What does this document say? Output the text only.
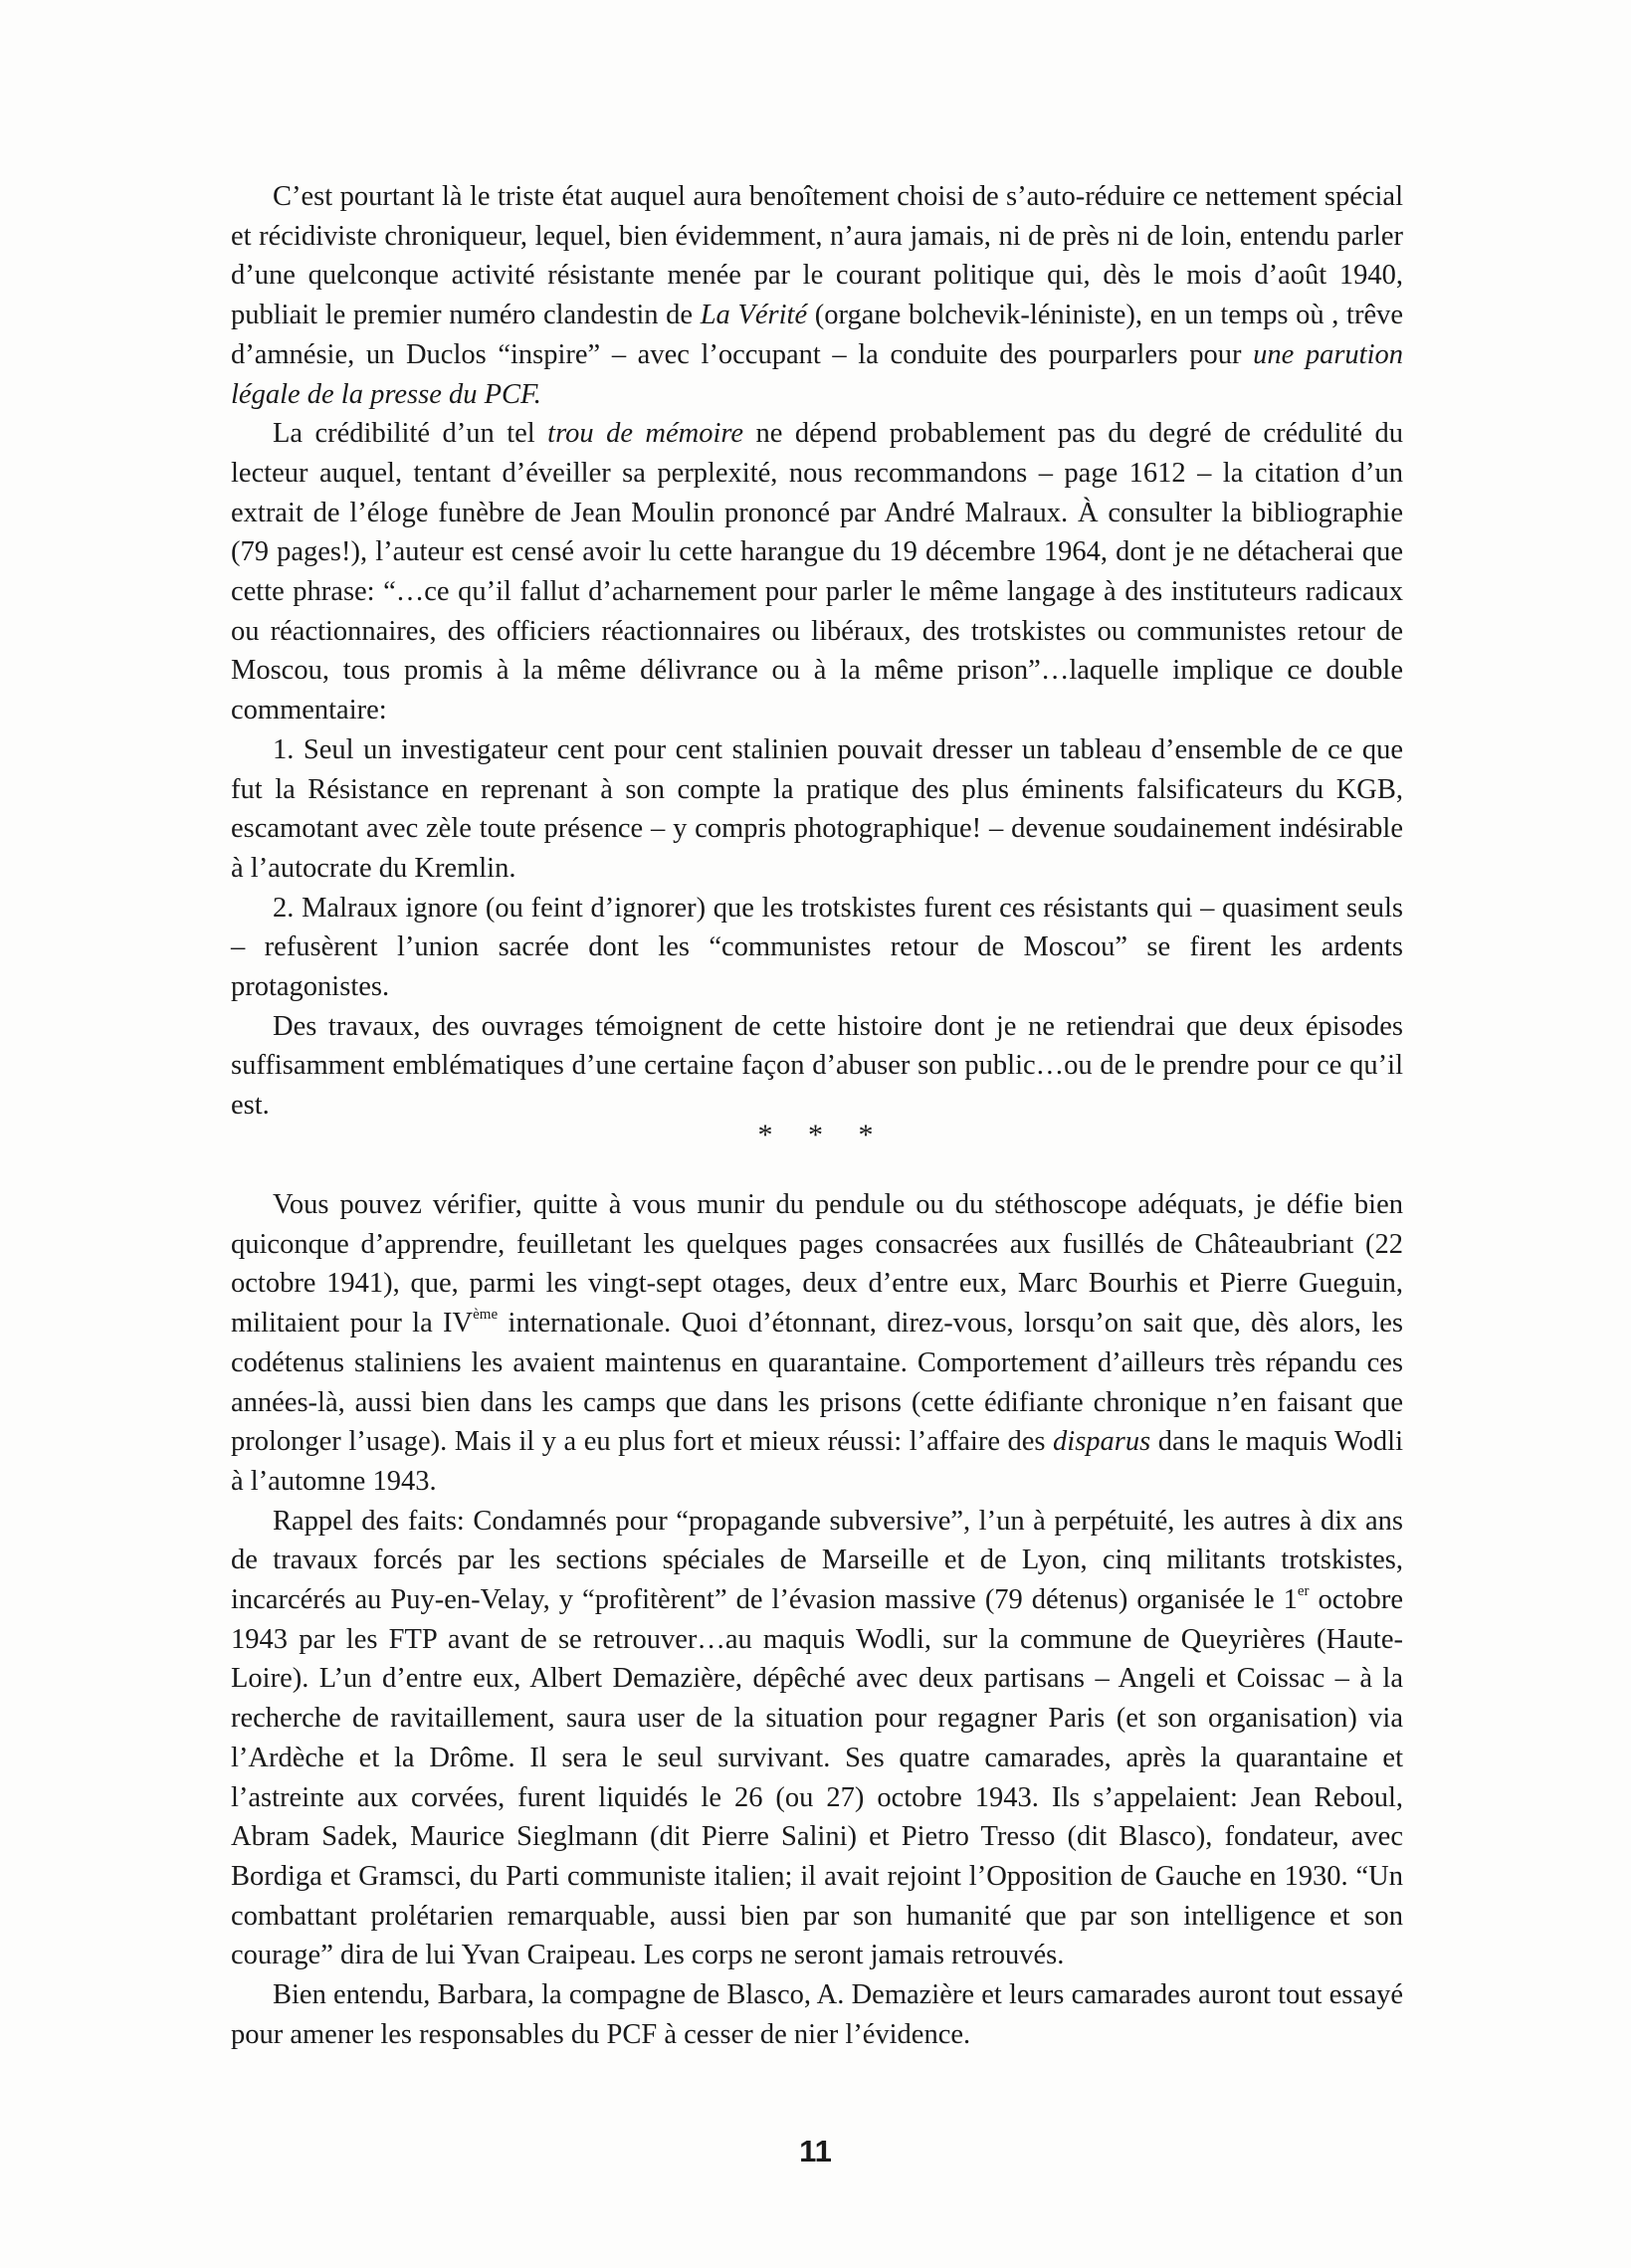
C’est pourtant là le triste état auquel aura benoîtement choisi de s’auto-réduire ce nettement spécial et récidiviste chroniqueur, lequel, bien évidemment, n’aura jamais, ni de près ni de loin, entendu parler d’une quelconque activité résistante menée par le courant politique qui, dès le mois d’août 1940, publiait le premier numéro clandestin de La Vérité (organe bolchevik-léniniste), en un temps où , trêve d’amnésie, un Duclos “inspire” – avec l’occupant – la conduite des pourparlers pour une parution légale de la presse du PCF.

La crédibilité d’un tel trou de mémoire ne dépend probablement pas du degré de crédulité du lecteur auquel, tentant d’éveiller sa perplexité, nous recommandons – page 1612 – la citation d’un extrait de l’éloge funèbre de Jean Moulin prononcé par André Malraux. À consulter la bibliographie (79 pages!), l’auteur est censé avoir lu cette harangue du 19 décembre 1964, dont je ne détacherai que cette phrase: “…ce qu’il fallut d’acharnement pour parler le même langage à des instituteurs radicaux ou réactionnaires, des officiers réactionnaires ou libéraux, des trotskistes ou communistes retour de Moscou, tous promis à la même délivrance ou à la même prison”…laquelle implique ce double commentaire:

1. Seul un investigateur cent pour cent stalinien pouvait dresser un tableau d’ensemble de ce que fut la Résistance en reprenant à son compte la pratique des plus éminents falsificateurs du KGB, escamotant avec zèle toute présence – y compris photographique! – devenue soudainement indésirable à l’autocrate du Kremlin.

2. Malraux ignore (ou feint d’ignorer) que les trotskistes furent ces résistants qui – quasiment seuls – refusèrent l’union sacrée dont les “communistes retour de Moscou” se firent les ardents protagonistes.

Des travaux, des ouvrages témoignent de cette histoire dont je ne retiendrai que deux épisodes suffisamment emblématiques d’une certaine façon d’abuser son public…ou de le prendre pour ce qu’il est.

* * *

Vous pouvez vérifier, quitte à vous munir du pendule ou du stéthoscope adéquats, je défie bien quiconque d’apprendre, feuilletant les quelques pages consacrées aux fusillés de Châteaubriant (22 octobre 1941), que, parmi les vingt-sept otages, deux d’entre eux, Marc Bourhis et Pierre Gueguin, militaient pour la IVème internationale. Quoi d’étonnant, direz-vous, lorsqu’on sait que, dès alors, les codétenus staliniens les avaient maintenus en quarantaine. Comportement d’ailleurs très répandu ces années-là, aussi bien dans les camps que dans les prisons (cette édifiante chronique n’en faisant que prolonger l’usage). Mais il y a eu plus fort et mieux réussi: l’affaire des disparus dans le maquis Wodli à l’automne 1943.

Rappel des faits: Condamnés pour “propagande subversive”, l’un à perpétuité, les autres à dix ans de travaux forcés par les sections spéciales de Marseille et de Lyon, cinq militants trotskistes, incarcérés au Puy-en-Velay, y “profitèrent” de l’évasion massive (79 détenus) organisée le 1er octobre 1943 par les FTP avant de se retrouver…au maquis Wodli, sur la commune de Queyrières (Haute-Loire). L’un d’entre eux, Albert Demazière, dépêché avec deux partisans – Angeli et Coissac – à la recherche de ravitaillement, saura user de la situation pour regagner Paris (et son organisation) via l’Ardèche et la Drôme. Il sera le seul survivant. Ses quatre camarades, après la quarantaine et l’astreinte aux corvées, furent liquidés le 26 (ou 27) octobre 1943. Ils s’appelaient: Jean Reboul, Abram Sadek, Maurice Sieglmann (dit Pierre Salini) et Pietro Tresso (dit Blasco), fondateur, avec Bordiga et Gramsci, du Parti communiste italien; il avait rejoint l’Opposition de Gauche en 1930. “Un combattant prolétarien remarquable, aussi bien par son humanité que par son intelligence et son courage” dira de lui Yvan Craipeau. Les corps ne seront jamais retrouvés.

Bien entendu, Barbara, la compagne de Blasco, A. Demazière et leurs camarades auront tout essayé pour amener les responsables du PCF à cesser de nier l’évidence.

11
